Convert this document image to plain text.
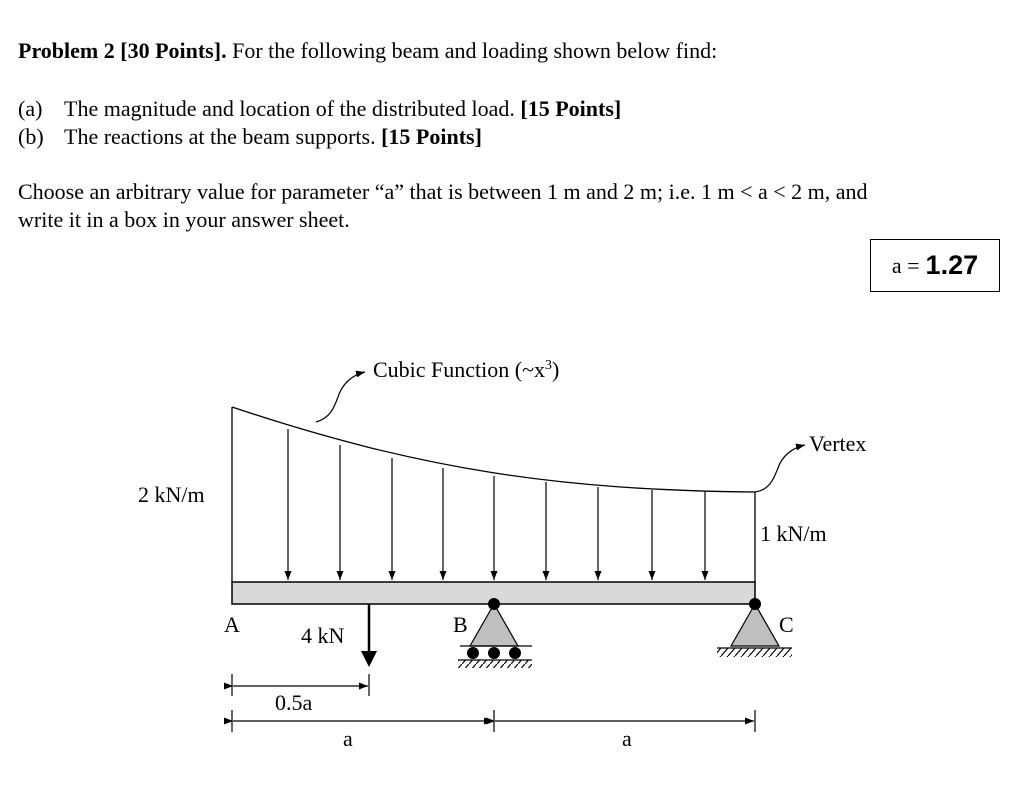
Problem 2 [30 Points]. For the following beam and loading shown below find:
(a) The magnitude and location of the distributed load. [15 Points]
(b) The reactions at the beam supports. [15 Points]
Choose an arbitrary value for parameter “a” that is between 1 m and 2 m; i.e. 1 m < a < 2 m, and
write it in a box in your answer sheet.
a = 1.27
Cubic Function $(\sim x^3)$
Vertex
2 kN/m
1 kN/m
A	4 kN	B	C
0.5a
a	a
